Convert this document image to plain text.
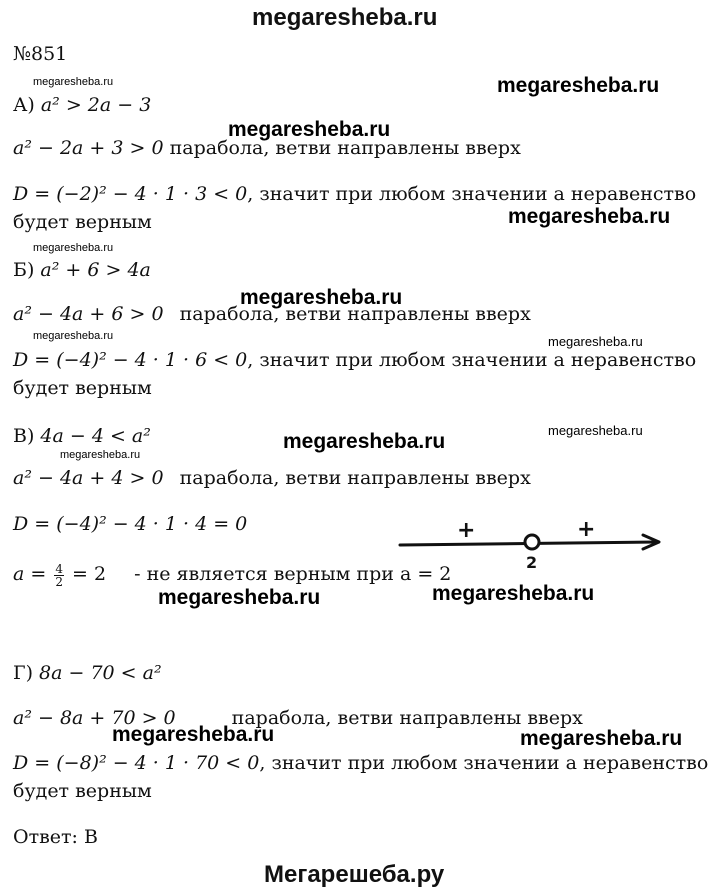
megaresheba.ru
№851
megaresheba.ru	megaresheba.ru
megaresheba.ru
megaresheba.ru
megaresheba.ru
megaresheba.ru
megaresheba.ru	megaresheba.ru
megaresheba.ru
megaresheba.ru
megaresheba.ru
megaresheba.ru	megaresheba.ru
megaresheba.ru	megaresheba.ru
А) a² > 2a − 3
a² − 2a + 3 > 0 парабола, ветви направлены вверх
D = (−2)² − 4 · 1 · 3 < 0, значит при любом значении а неравенство
будет верным
Б) a² + 6 > 4a
a² − 4a + 6 > 0 парабола, ветви направлены вверх
D = (−4)² − 4 · 1 · 6 < 0, значит при любом значении а неравенство
будет верным
В) 4a − 4 < a²
a² − 4a + 4 > 0 парабола, ветви направлены вверх
D = (−4)² − 4 · 1 · 4 = 0
$a = \frac{4}{2} = 2$ - не является верным при а = 2
+	+
2
Г) 8a − 70 < a²
a² − 8a + 70 > 0	парабола, ветви направлены вверх
D = (−8)² − 4 · 1 · 70 < 0, значит при любом значении а неравенство
будет верным
Ответ: В
Мегарешеба.ру
